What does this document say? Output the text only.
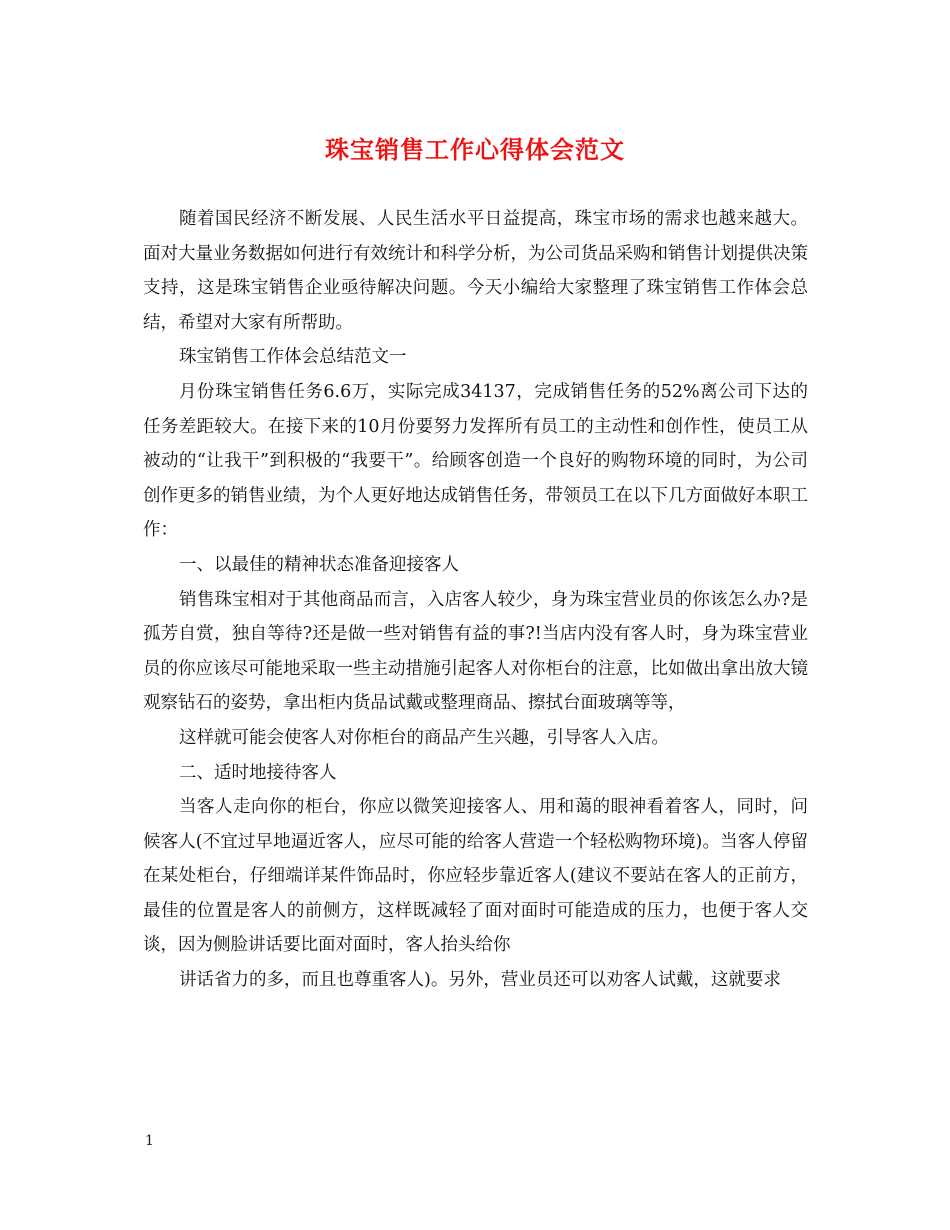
珠宝销售工作心得体会范文

随着国民经济不断发展、人民生活水平日益提高，珠宝市场的需求也越来越大。面对大量业务数据如何进行有效统计和科学分析，为公司货品采购和销售计划提供决策支持，这是珠宝销售企业亟待解决问题。今天小编给大家整理了珠宝销售工作体会总结，希望对大家有所帮助。

珠宝销售工作体会总结范文一

月份珠宝销售任务6.6万，实际完成34137，完成销售任务的52%离公司下达的任务差距较大。在接下来的10月份要努力发挥所有员工的主动性和创作性，使员工从被动的“让我干”到积极的“我要干”。给顾客创造一个良好的购物环境的同时，为公司创作更多的销售业绩，为个人更好地达成销售任务，带领员工在以下几方面做好本职工作：

一、以最佳的精神状态准备迎接客人

销售珠宝相对于其他商品而言，入店客人较少，身为珠宝营业员的你该怎么办?是孤芳自赏，独自等待?还是做一些对销售有益的事?!当店内没有客人时，身为珠宝营业员的你应该尽可能地采取一些主动措施引起客人对你柜台的注意，比如做出拿出放大镜观察钻石的姿势，拿出柜内货品试戴或整理商品、擦拭台面玻璃等等，

这样就可能会使客人对你柜台的商品产生兴趣，引导客人入店。

二、适时地接待客人

当客人走向你的柜台，你应以微笑迎接客人、用和蔼的眼神看着客人，同时，问候客人(不宜过早地逼近客人，应尽可能的给客人营造一个轻松购物环境)。当客人停留在某处柜台，仔细端详某件饰品时，你应轻步靠近客人(建议不要站在客人的正前方，最佳的位置是客人的前侧方，这样既减轻了面对面时可能造成的压力，也便于客人交谈，因为侧脸讲话要比面对面时，客人抬头给你

讲话省力的多，而且也尊重客人)。另外，营业员还可以劝客人试戴，这就要求

1
